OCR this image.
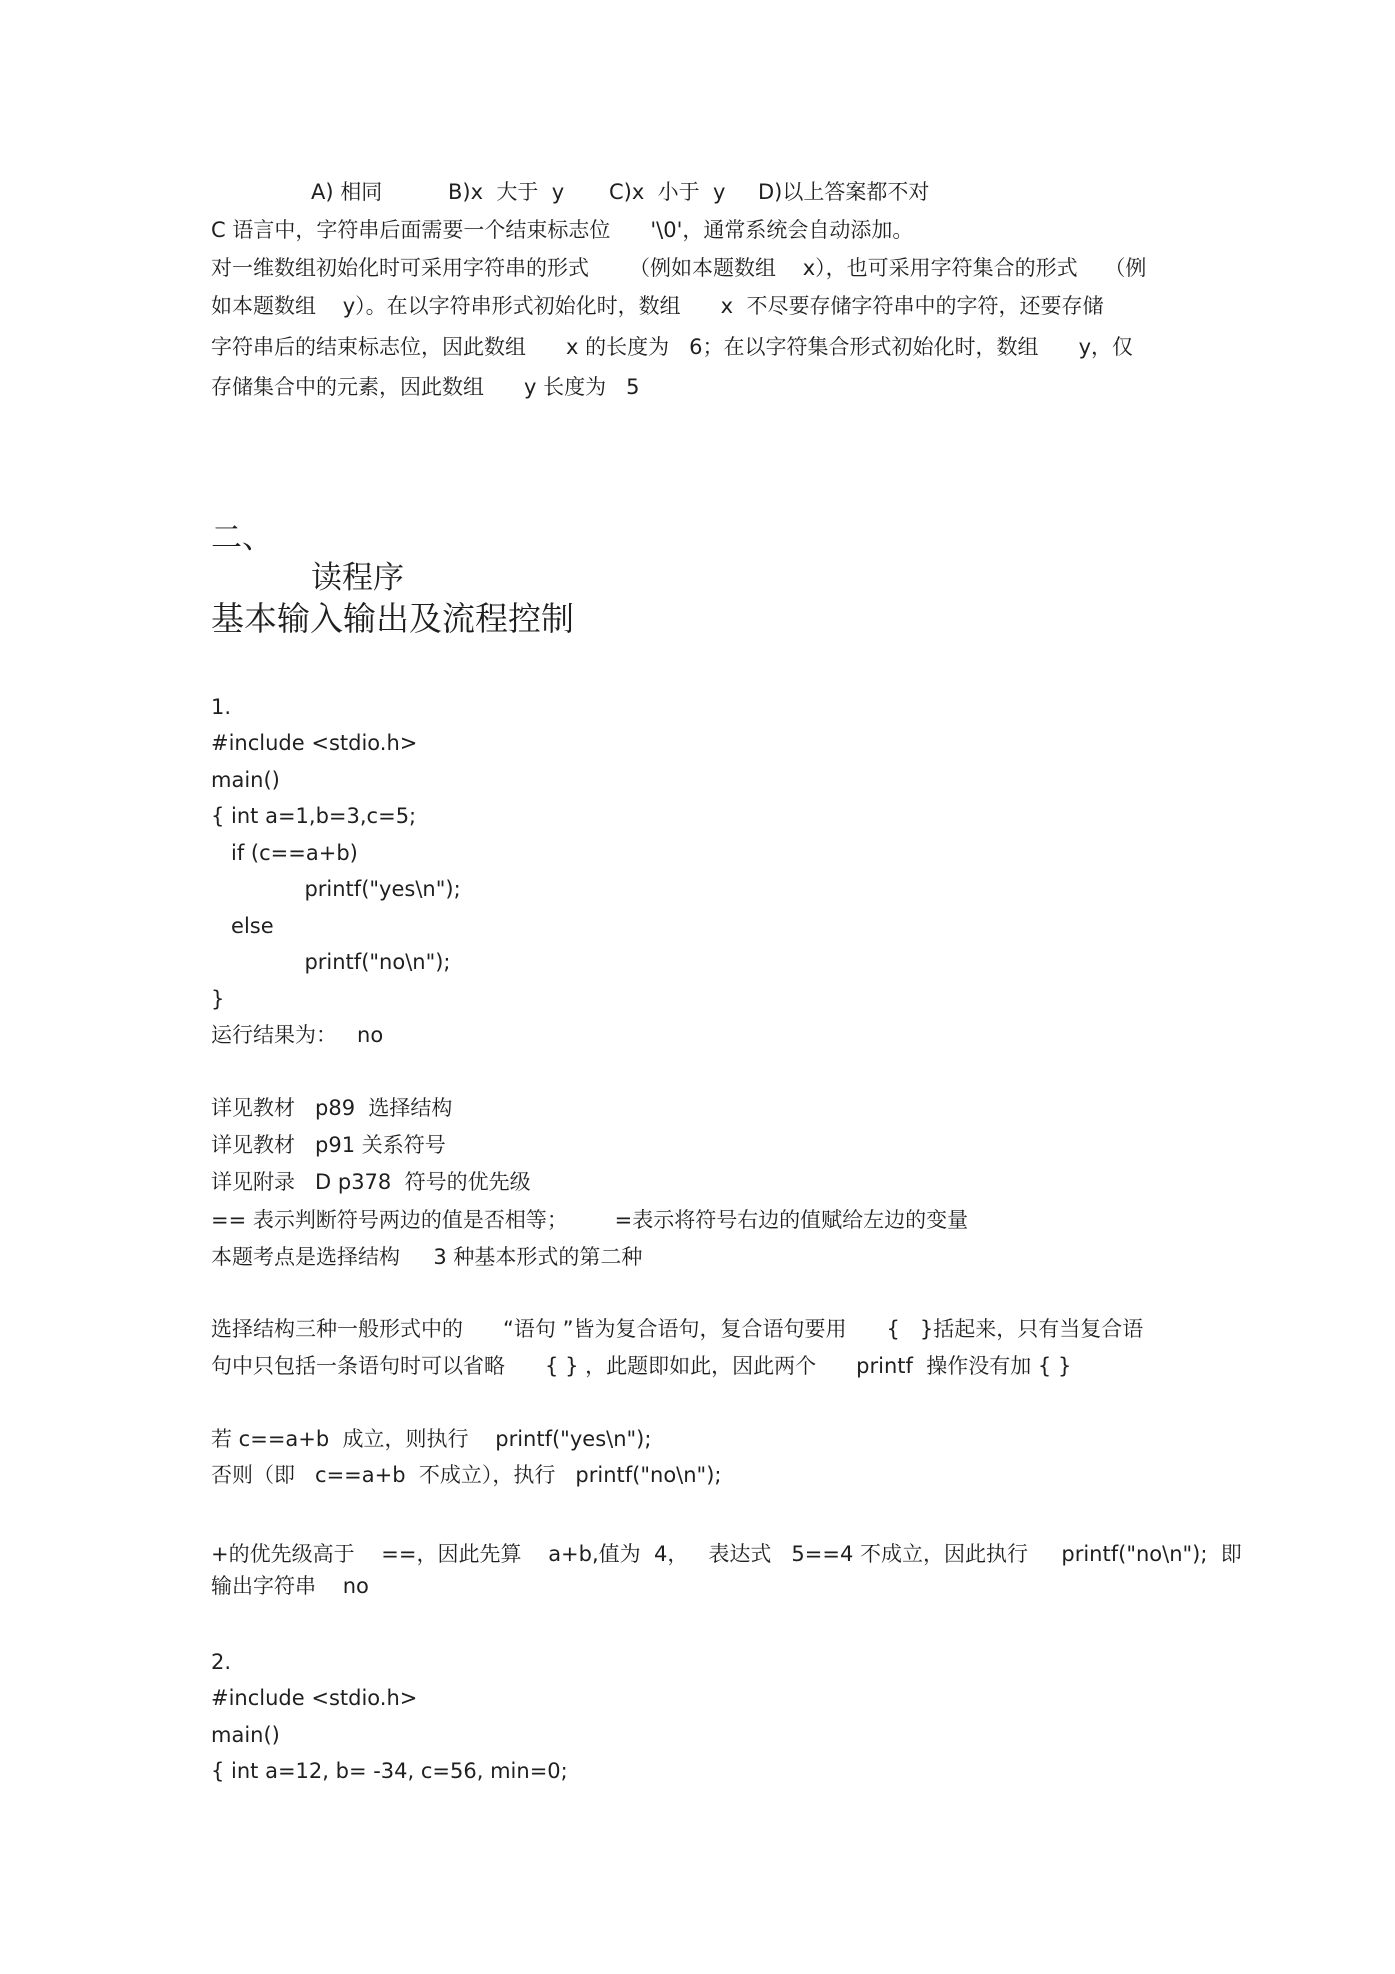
A) 相同	B)x  大于  y C)x  小于  y D)以上答案都不对
C 语言中，字符串后面需要一个结束标志位      '\0'，通常系统会自动添加。
对一维数组初始化时可采用字符串的形式      （例如本题数组    x），也可采用字符集合的形式    （例
如本题数组    y）。在以字符串形式初始化时，数组      x  不尽要存储字符串中的字符，还要存储
字符串后的结束标志位，因此数组      x 的长度为   6；在以字符集合形式初始化时，数组      y，仅
存储集合中的元素，因此数组      y 长度为   5

二、

读程序

基本输入输出及流程控制
1.
#include <stdio.h>
main()
{ int a=1,b=3,c=5;
if (c==a+b)
printf("yes\n");
else
printf("no\n");
}
运行结果为：   no
详见教材   p89  选择结构
详见教材   p91 关系符号
详见附录   D p378  符号的优先级
== 表示判断符号两边的值是否相等；       =表示将符号右边的值赋给左边的变量
本题考点是选择结构     3 种基本形式的第二种
选择结构三种一般形式中的      “语句 ”皆为复合语句，复合语句要用      {   }括起来，只有当复合语
句中只包括一条语句时可以省略      { } ，此题即如此，因此两个      printf  操作没有加 { }
若 c==a+b  成立，则执行    printf("yes\n");
否则（即   c==a+b  不成立），执行   printf("no\n");
+的优先级高于    ==，因此先算    a+b,值为  4，   表达式   5==4 不成立，因此执行     printf("no\n");  即
输出字符串    no
2.
#include <stdio.h>
main()
{ int a=12, b= -34, c=56, min=0;
